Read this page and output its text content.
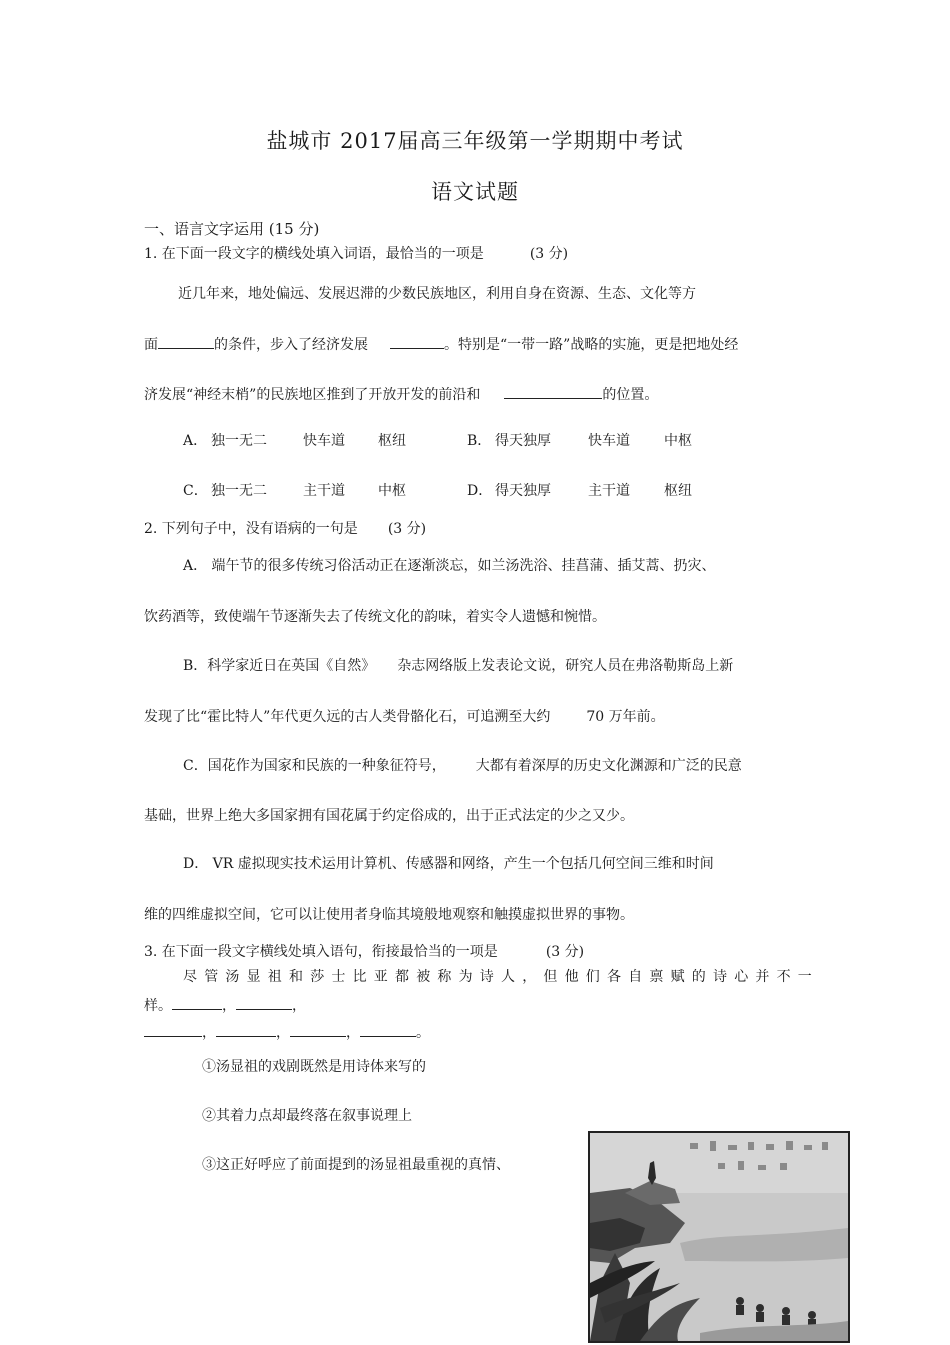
盐城市 2017届高三年级第一学期期中考试
语文试题
一、语言文字运用 (15 分)
1. 在下面一段文字的横线处填入词语，最恰当的一项是	(3 分)
近几年来，地处偏远、发展迟滞的少数民族地区，利用自身在资源、生态、文化等方
面	的条件，步入了经济发展	。特别是“一带一路”战略的实施，更是把地处经
济发展“神经末梢”的民族地区推到了开放开发的前沿和	的位置。
A． 独一无二	快车道 枢纽	B． 得天独厚	快车道 中枢
C． 独一无二	主干道 中枢	D． 得天独厚	主干道 枢纽
2. 下列句子中，没有语病的一句是 (3 分)
A． 端午节的很多传统习俗活动正在逐渐淡忘，如兰汤洗浴、挂菖蒲、插艾蒿、扔灾、
饮药酒等，致使端午节逐渐失去了传统文化的韵味，着实令人遗憾和惋惜。
B．科学家近日在英国《自然》 杂志网络版上发表论文说，研究人员在弗洛勒斯岛上新
发现了比“霍比特人”年代更久远的古人类骨骼化石，可追溯至大约	70 万年前。
C．国花作为国家和民族的一种象征符号， 大都有着深厚的历史文化渊源和广泛的民意
基础，世界上绝大多国家拥有国花属于约定俗成的，出于正式法定的少之又少。
D． VR 虚拟现实技术运用计算机、传感器和网络，产生一个包括几何空间三维和时间
维的四维虚拟空间，它可以让使用者身临其境般地观察和触摸虚拟世界的事物。
3. 在下面一段文字横线处填入语句，衔接最恰当的一项是	(3 分)
尽管汤显祖和莎士比亚都被称为诗人，但他们各自禀赋的诗心并不一
样。	，	，
，	，	，	。
①汤显祖的戏剧既然是用诗体来写的
②其着力点却最终落在叙事说理上
③这正好呼应了前面提到的汤显祖最重视的真情、
